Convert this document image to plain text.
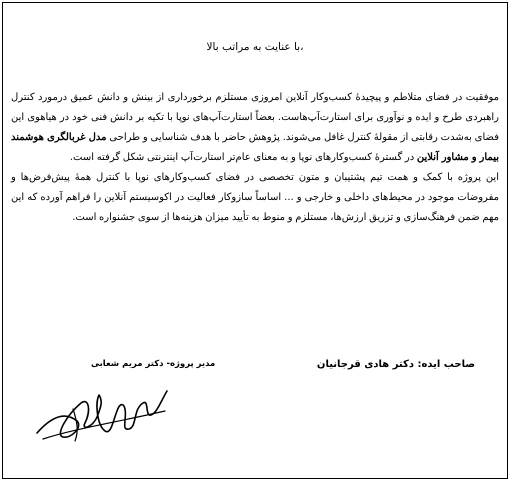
با عنایت به مراتب بالا،

موفقیت در فضای متلاطم و پیچیدهٔ کسب‌وکار آنلاین امروزی مستلزم برخورداری از بینش و دانش عمیق درمورد کنترل راهبردی طرح و ایده و نوآوری برای استارت‌آپ‌هاست. بعضاً استارت‌آپ‌های نوپا با تکیه بر دانش فنی خود در هیاهوی این فضای به‌شدت رقابتی از مقولهٔ کنترل غافل می‌شوند. پژوهش حاضر با هدف شناسایی و طراحی مدل غربالگری هوشمند بیمار و مشاور آنلاین در گسترهٔ کسب‌وکارهای نوپا و به معنای عام‌تر استارت‌آپ اینترنتی شکل گرفته است.

این پروژه با کمک و همت تیم پشتیبان و متون تخصصی در فضای کسب‌وکارهای نوپا با کنترل همهٔ پیش‌فرض‌ها و مفروضات موجود در محیط‌های داخلی و خارجی و ... اساساً سازوکار فعالیت در اکوسیستم آنلاین را فراهم آورده که این مهم ضمن فرهنگ‌سازی و تزریق ارزش‌ها، مستلزم و منوط به تأیید میزان هزینه‌ها از سوی جشنواره است.

صاحب ایده: دکتر هادی قرجانیان
مدیر پروژه- دکتر مریم شعابی
